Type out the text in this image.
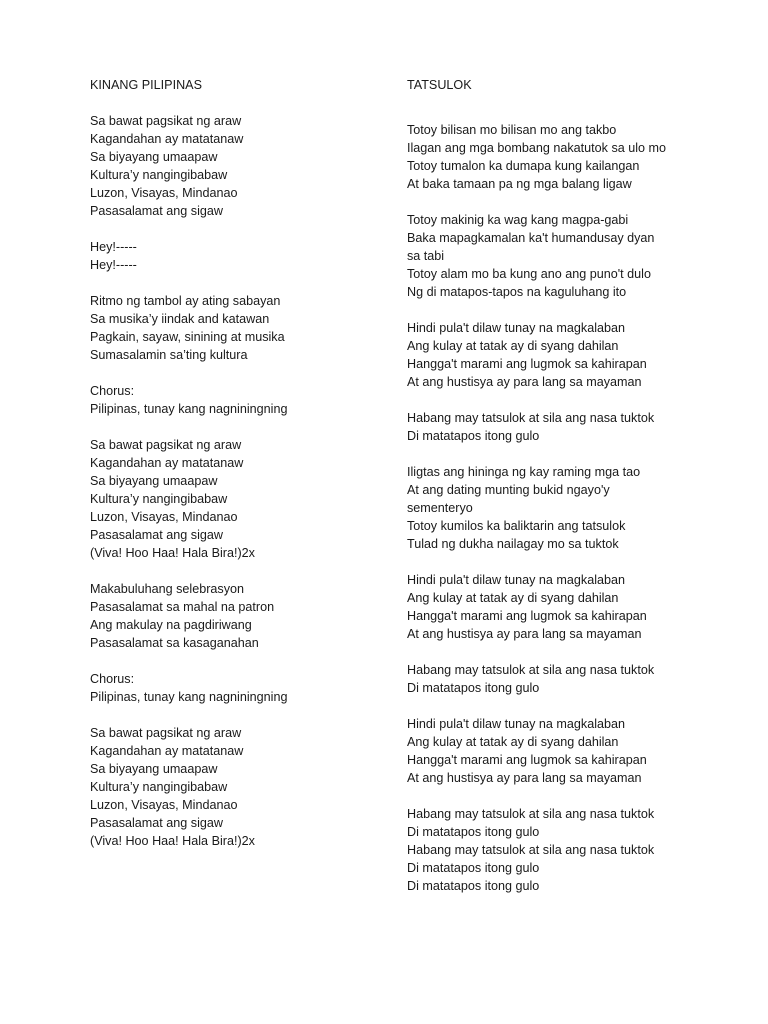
KINANG PILIPINAS
Sa bawat pagsikat ng araw
Kagandahan ay matatanaw
Sa biyayang umaapaw
Kultura’y nangingibabaw
Luzon, Visayas, Mindanao
Pasasalamat ang sigaw
Hey!-----
Hey!-----
Ritmo ng tambol ay ating sabayan
Sa musika’y iindak and katawan
Pagkain, sayaw, sinining at musika
Sumasalamin sa’ting kultura
Chorus:
Pilipinas, tunay kang nagniningning
Sa bawat pagsikat ng araw
Kagandahan ay matatanaw
Sa biyayang umaapaw
Kultura’y nangingibabaw
Luzon, Visayas, Mindanao
Pasasalamat ang sigaw
(Viva! Hoo Haa! Hala Bira!)2x
Makabuluhang selebrasyon
Pasasalamat sa mahal na patron
Ang makulay na pagdiriwang
Pasasalamat sa kasaganahan
Chorus:
Pilipinas, tunay kang nagniningning
Sa bawat pagsikat ng araw
Kagandahan ay matatanaw
Sa biyayang umaapaw
Kultura’y nangingibabaw
Luzon, Visayas, Mindanao
Pasasalamat ang sigaw
(Viva! Hoo Haa! Hala Bira!)2x
TATSULOK
Totoy bilisan mo bilisan mo ang takbo
Ilagan ang mga bombang nakatutok sa ulo mo
Totoy tumalon ka dumapa kung kailangan
At baka tamaan pa ng mga balang ligaw
Totoy makinig ka wag kang magpa-gabi
Baka mapagkamalan ka't humandusay dyan
sa tabi
Totoy alam mo ba kung ano ang puno't dulo
Ng di matapos-tapos na kaguluhang ito
Hindi pula't dilaw tunay na magkalaban
Ang kulay at tatak ay di syang dahilan
Hangga't marami ang lugmok sa kahirapan
At ang hustisya ay para lang sa mayaman
Habang may tatsulok at sila ang nasa tuktok
Di matatapos itong gulo
Iligtas ang hininga ng kay raming mga tao
At ang dating munting bukid ngayo'y
sementeryo
Totoy kumilos ka baliktarin ang tatsulok
Tulad ng dukha nailagay mo sa tuktok
Hindi pula't dilaw tunay na magkalaban
Ang kulay at tatak ay di syang dahilan
Hangga't marami ang lugmok sa kahirapan
At ang hustisya ay para lang sa mayaman
Habang may tatsulok at sila ang nasa tuktok
Di matatapos itong gulo
Hindi pula't dilaw tunay na magkalaban
Ang kulay at tatak ay di syang dahilan
Hangga't marami ang lugmok sa kahirapan
At ang hustisya ay para lang sa mayaman
Habang may tatsulok at sila ang nasa tuktok
Di matatapos itong gulo
Habang may tatsulok at sila ang nasa tuktok
Di matatapos itong gulo
Di matatapos itong gulo
